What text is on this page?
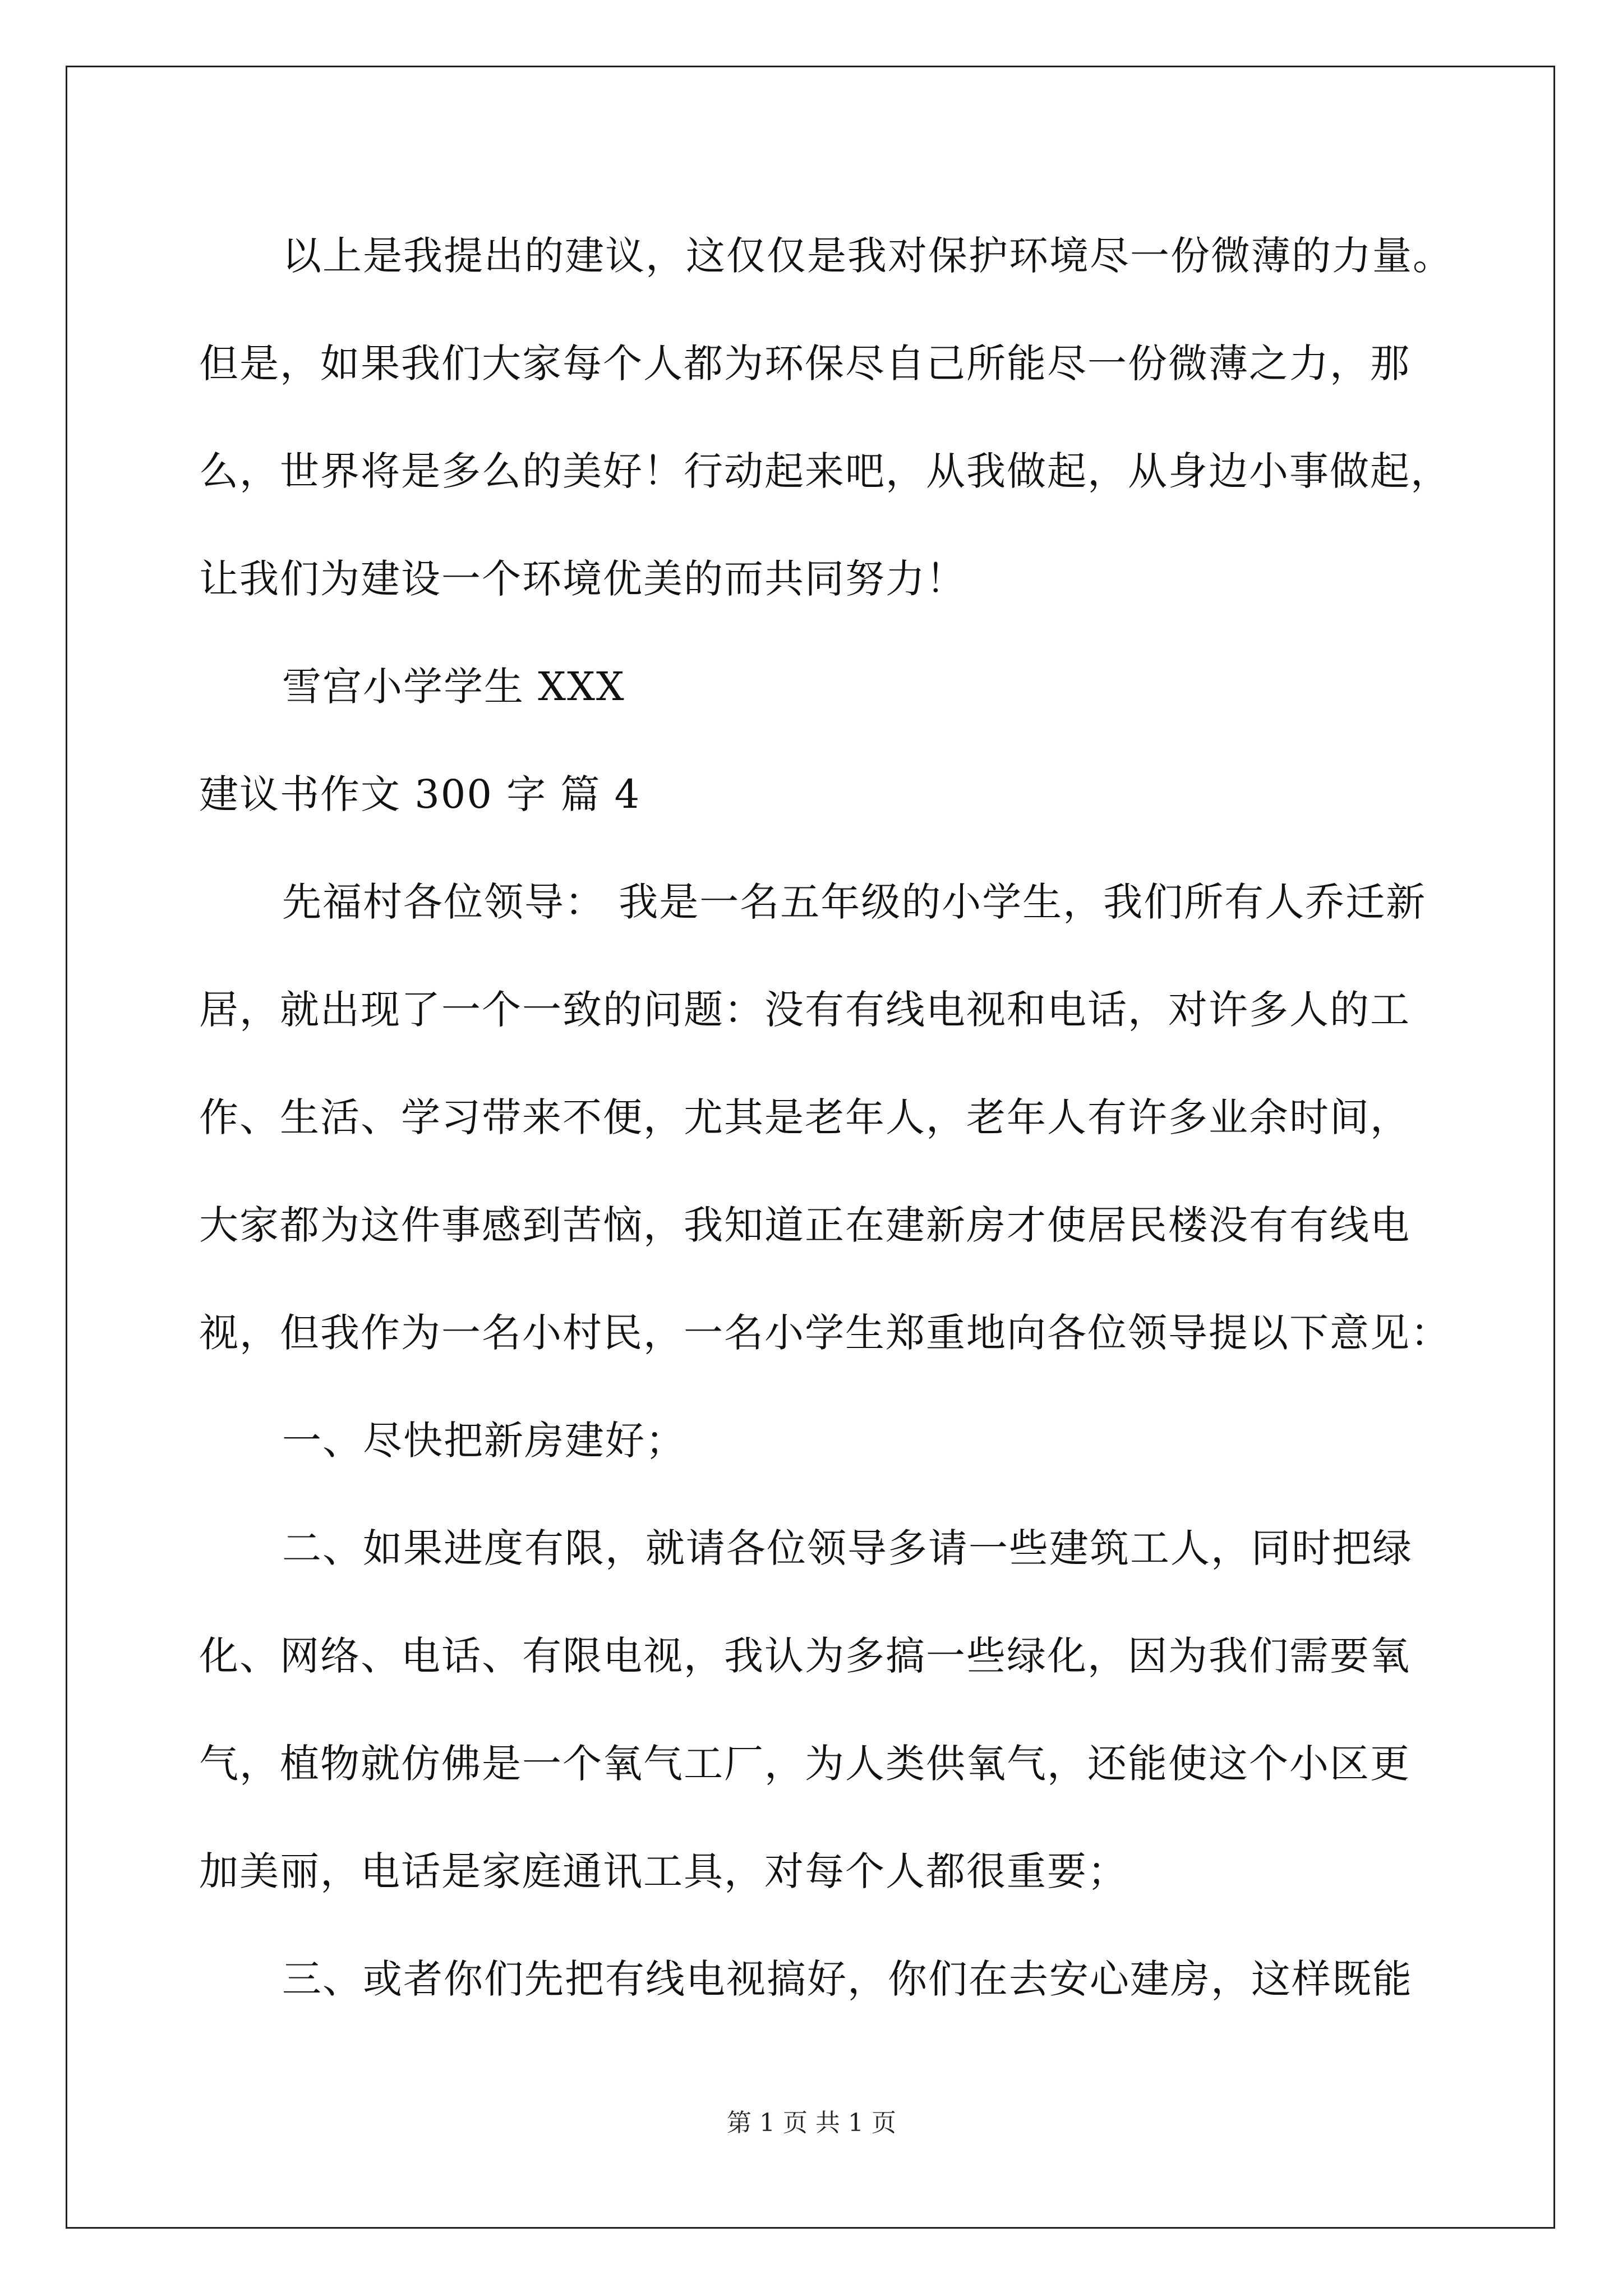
以上是我提出的建议，这仅仅是我对保护环境尽一份微薄的力量。
但是，如果我们大家每个人都为环保尽自己所能尽一份微薄之力，那
么，世界将是多么的美好！行动起来吧，从我做起，从身边小事做起，
让我们为建设一个环境优美的而共同努力！
雪宫小学学生 XXX
建议书作文 300 字 篇 4
先福村各位领导： 我是一名五年级的小学生，我们所有人乔迁新
居，就出现了一个一致的问题：没有有线电视和电话，对许多人的工
作、生活、学习带来不便，尤其是老年人，老年人有许多业余时间，
大家都为这件事感到苦恼，我知道正在建新房才使居民楼没有有线电
视，但我作为一名小村民，一名小学生郑重地向各位领导提以下意见：
一、尽快把新房建好；
二、如果进度有限，就请各位领导多请一些建筑工人，同时把绿
化、网络、电话、有限电视，我认为多搞一些绿化，因为我们需要氧
气，植物就仿佛是一个氧气工厂，为人类供氧气，还能使这个小区更
加美丽，电话是家庭通讯工具，对每个人都很重要；
三、或者你们先把有线电视搞好，你们在去安心建房，这样既能
第 1 页 共 1 页
